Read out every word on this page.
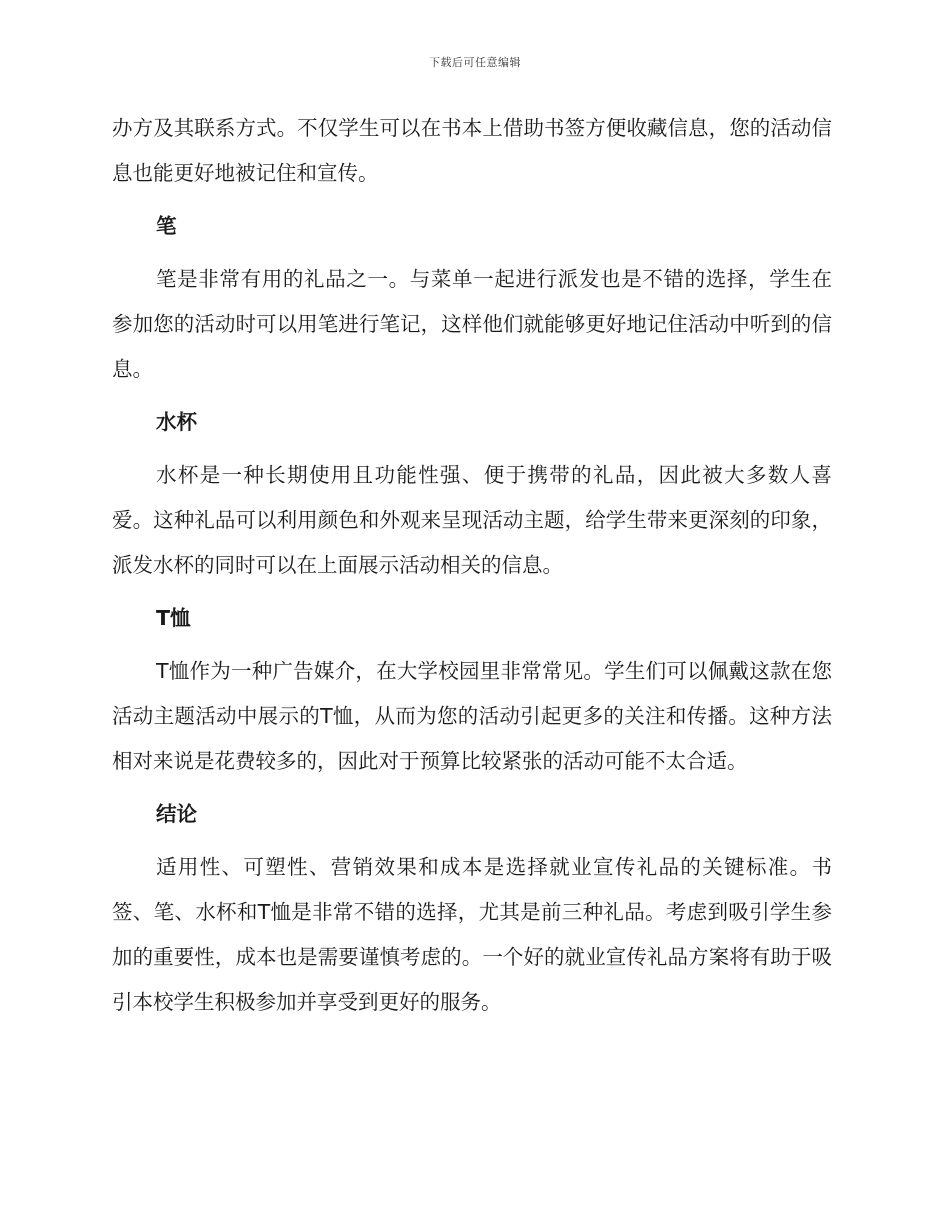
下载后可任意编辑

办方及其联系方式。不仅学生可以在书本上借助书签方便收藏信息，您的活动信息也能更好地被记住和宣传。

笔

笔是非常有用的礼品之一。与菜单一起进行派发也是不错的选择，学生在参加您的活动时可以用笔进行笔记，这样他们就能够更好地记住活动中听到的信息。

水杯

水杯是一种长期使用且功能性强、便于携带的礼品，因此被大多数人喜爱。这种礼品可以利用颜色和外观来呈现活动主题，给学生带来更深刻的印象，派发水杯的同时可以在上面展示活动相关的信息。

T恤

T恤作为一种广告媒介，在大学校园里非常常见。学生们可以佩戴这款在您活动主题活动中展示的T恤，从而为您的活动引起更多的关注和传播。这种方法相对来说是花费较多的，因此对于预算比较紧张的活动可能不太合适。

结论

适用性、可塑性、营销效果和成本是选择就业宣传礼品的关键标准。书签、笔、水杯和T恤是非常不错的选择，尤其是前三种礼品。考虑到吸引学生参加的重要性，成本也是需要谨慎考虑的。一个好的就业宣传礼品方案将有助于吸引本校学生积极参加并享受到更好的服务。
